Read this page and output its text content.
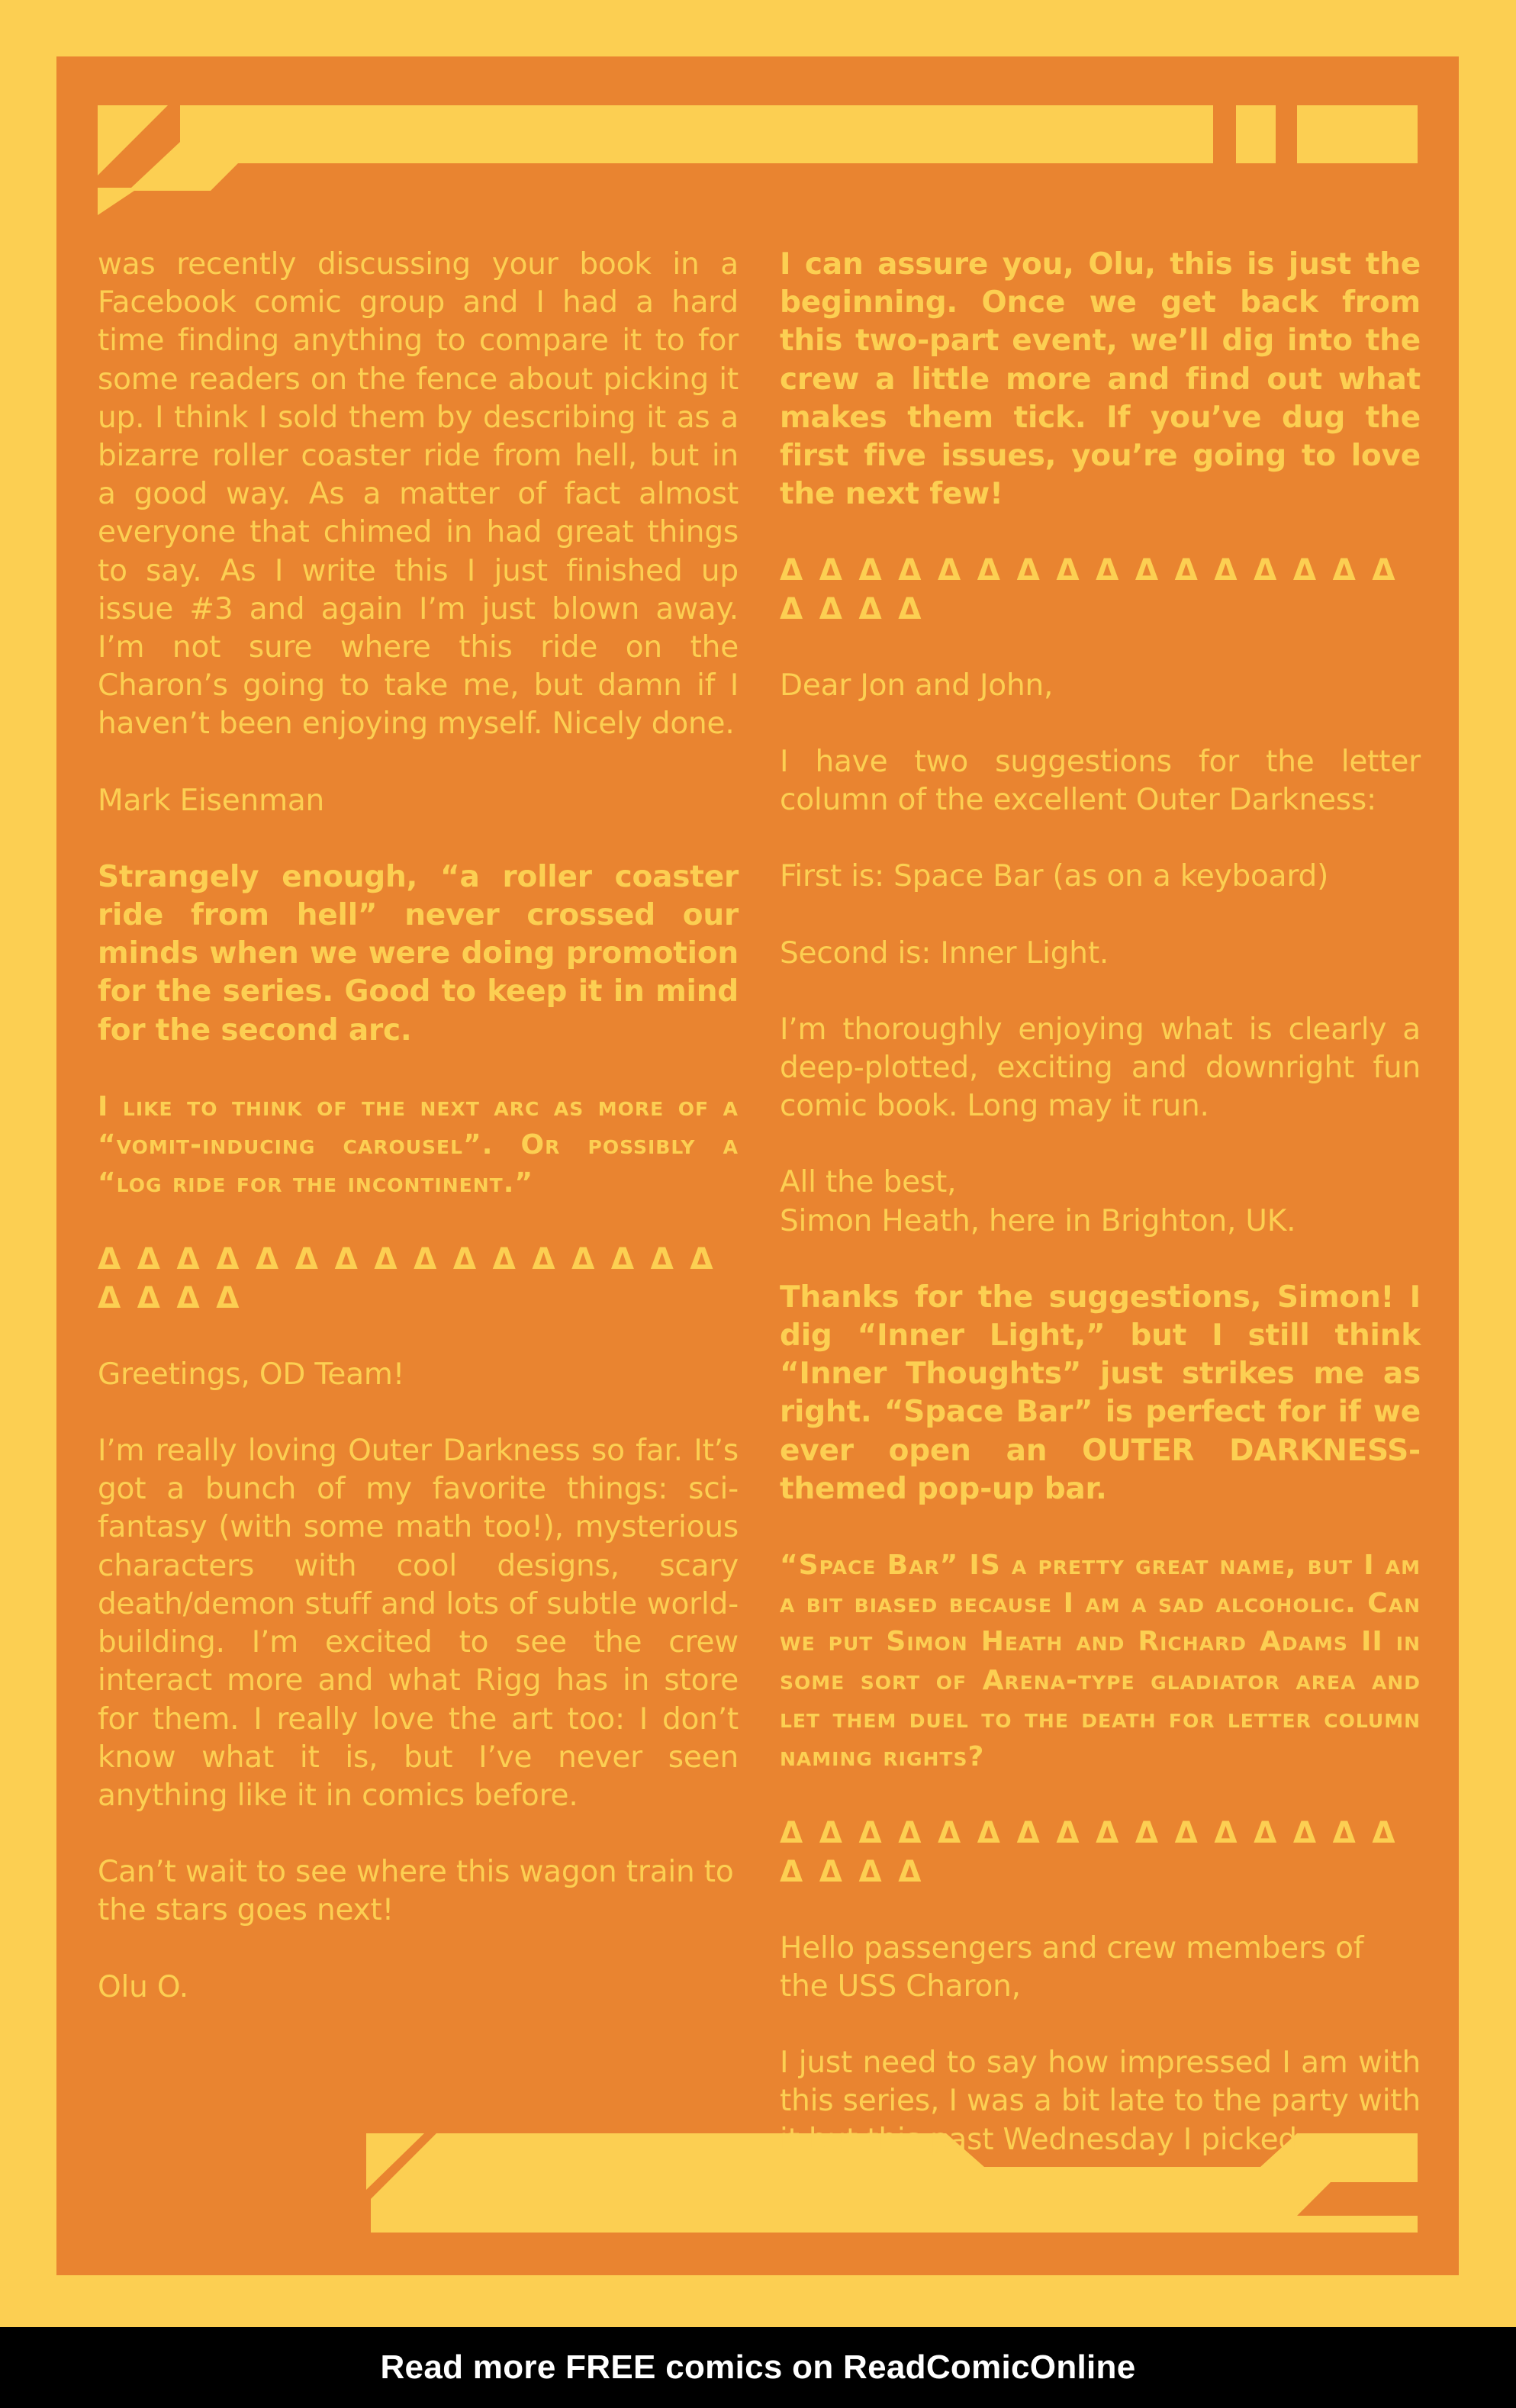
was recently discussing your book in a Facebook comic group and I had a hard time finding anything to compare it to for some readers on the fence about picking it up. I think I sold them by describing it as a bizarre roller coaster ride from hell, but in a good way. As a matter of fact almost everyone that chimed in had great things to say. As I write this I just finished up issue #3 and again I’m just blown away. I’m not sure where this ride on the Charon’s going to take me, but damn if I haven’t been enjoying myself. Nicely done.

Mark Eisenman

Strangely enough, “a roller coaster ride from hell” never crossed our minds when we were doing promotion for the series. Good to keep it in mind for the second arc.

I like to think of the next arc as more of a “vomit-inducing carousel”. Or possibly a “log ride for the incontinent.”

Δ Δ Δ Δ Δ Δ Δ Δ Δ Δ Δ Δ Δ Δ Δ Δ Δ Δ Δ Δ

Greetings, OD Team!

I’m really loving Outer Darkness so far. It’s got a bunch of my favorite things: sci-fantasy (with some math too!), mysterious characters with cool designs, scary death/demon stuff and lots of subtle world-building. I’m excited to see the crew interact more and what Rigg has in store for them. I really love the art too: I don’t know what it is, but I’ve never seen anything like it in comics before.

Can’t wait to see where this wagon train to the stars goes next!

Olu O.

I can assure you, Olu, this is just the beginning. Once we get back from this two-part event, we’ll dig into the crew a little more and find out what makes them tick. If you’ve dug the first five issues, you’re going to love the next few!

Δ Δ Δ Δ Δ Δ Δ Δ Δ Δ Δ Δ Δ Δ Δ Δ Δ Δ Δ Δ

Dear Jon and John,

I have two suggestions for the letter column of the excellent Outer Darkness:

First is: Space Bar (as on a keyboard)

Second is: Inner Light.

I’m thoroughly enjoying what is clearly a deep-plotted, exciting and downright fun comic book. Long may it run.

All the best,
Simon Heath, here in Brighton, UK.

Thanks for the suggestions, Simon! I dig “Inner Light,” but I still think “Inner Thoughts” just strikes me as right. “Space Bar” is perfect for if we ever open an OUTER DARKNESS-themed pop-up bar.

“Space Bar” IS a pretty great name, but I am a bit biased because I am a sad alcoholic. Can we put Simon Heath and Richard Adams II in some sort of Arena-type gladiator area and let them duel to the death for letter column naming rights?

Δ Δ Δ Δ Δ Δ Δ Δ Δ Δ Δ Δ Δ Δ Δ Δ Δ Δ Δ Δ

Hello passengers and crew members of the USS Charon,

I just need to say how impressed I am with this series, I was a bit late to the party with it but this past Wednesday I picked

Read more FREE comics on ReadComicOnline
